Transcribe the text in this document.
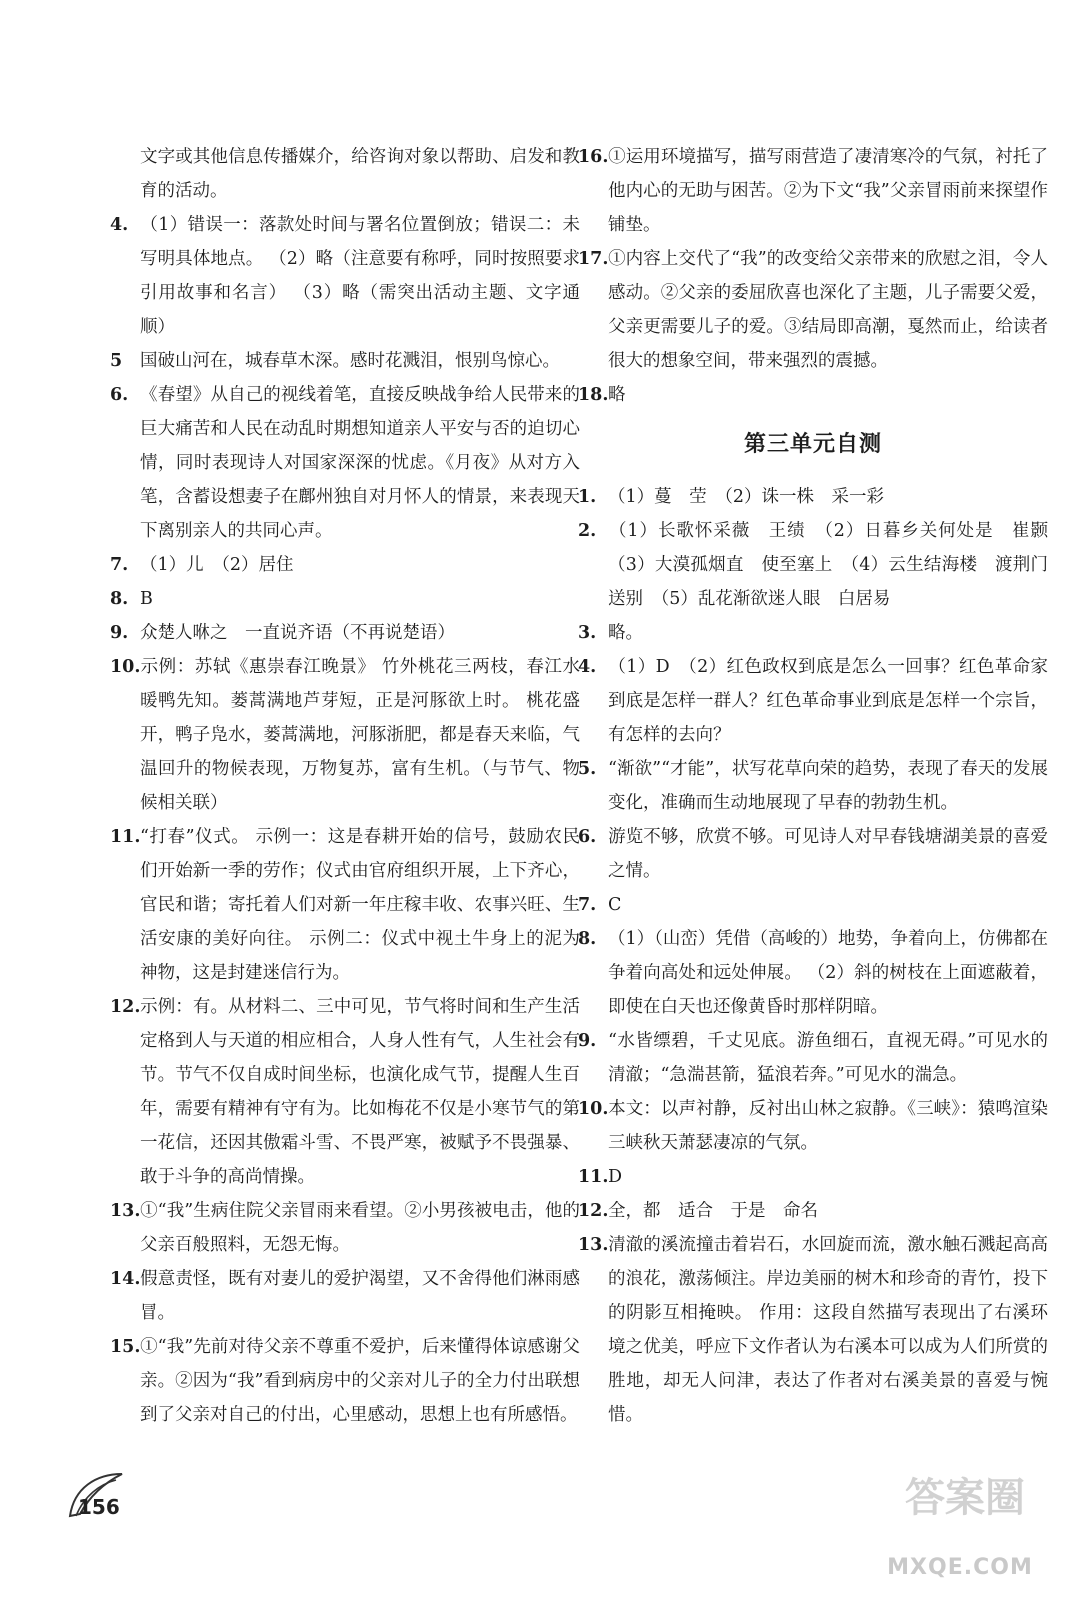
文字或其他信息传播媒介，给咨询对象以帮助、启发和教育的活动。
4. （1）错误一：落款处时间与署名位置倒放；错误二：未写明具体地点。 （2）略（注意要有称呼，同时按照要求引用故事和名言） （3）略（需突出活动主题、文字通顺）
5 国破山河在，城春草木深。感时花溅泪，恨别鸟惊心。
6. 《春望》从自己的视线着笔，直接反映战争给人民带来的巨大痛苦和人民在动乱时期想知道亲人平安与否的迫切心情，同时表现诗人对国家深深的忧虑。《月夜》从对方入笔，含蓄设想妻子在鄜州独自对月怀人的情景，来表现天下离别亲人的共同心声。
7. （1）儿　（2）居住
8. B
9. 众楚人咻之　一直说齐语（不再说楚语）
10.示例：苏轼《惠崇春江晚景》 竹外桃花三两枝，春江水暖鸭先知。蒌蒿满地芦芽短，正是河豚欲上时。 桃花盛开，鸭子凫水，蒌蒿满地，河豚浙肥，都是春天来临，气温回升的物候表现，万物复苏，富有生机。（与节气、物候相关联）
11.“打春”仪式。 示例一：这是春耕开始的信号，鼓励农民们开始新一季的劳作；仪式由官府组织开展，上下齐心，官民和谐；寄托着人们对新一年庄稼丰收、农事兴旺、生活安康的美好向往。 示例二：仪式中视土牛身上的泥为神物，这是封建迷信行为。
12.示例：有。从材料二、三中可见，节气将时间和生产生活定格到人与天道的相应相合，人身人性有气，人生社会有节。节气不仅自成时间坐标，也演化成气节，提醒人生百年，需要有精神有守有为。比如梅花不仅是小寒节气的第一花信，还因其傲霜斗雪、不畏严寒，被赋予不畏强暴、敢于斗争的高尚情操。
13.①“我”生病住院父亲冒雨来看望。②小男孩被电击，他的父亲百般照料，无怨无悔。
14.假意责怪，既有对妻儿的爱护渴望，又不舍得他们淋雨感冒。
15.①“我”先前对待父亲不尊重不爱护，后来懂得体谅感谢父亲。②因为“我”看到病房中的父亲对儿子的全力付出联想到了父亲对自己的付出，心里感动，思想上也有所感悟。
16.①运用环境描写，描写雨营造了凄清寒冷的气氛，衬托了他内心的无助与困苦。②为下文“我”父亲冒雨前来探望作铺垫。
17.①内容上交代了“我”的改变给父亲带来的欣慰之泪，令人感动。②父亲的委屈欣喜也深化了主题，儿子需要父爱，父亲更需要儿子的爱。③结局即高潮，戛然而止，给读者很大的想象空间，带来强烈的震撼。
18.略
第三单元自测
1. （1）蔓　茔　（2）诛一株　采一彩
2. （1）长歌怀采薇　王绩　（2）日暮乡关何处是　崔颢　（3）大漠孤烟直　使至塞上　（4）云生结海楼　渡荆门送别　（5）乱花渐欲迷人眼　白居易
3. 略。
4. （1）D　（2）红色政权到底是怎么一回事？红色革命家到底是怎样一群人？红色革命事业到底是怎样一个宗旨，有怎样的去向？
5. “渐欲”“才能”，状写花草向荣的趋势，表现了春天的发展变化，准确而生动地展现了早春的勃勃生机。
6. 游览不够，欣赏不够。可见诗人对早春钱塘湖美景的喜爱之情。
7. C
8. （1）（山峦）凭借（高峻的）地势，争着向上，仿佛都在争着向高处和远处伸展。 （2）斜的树枝在上面遮蔽着，即使在白天也还像黄昏时那样阴暗。
9. “水皆缥碧，千丈见底。游鱼细石，直视无碍。”可见水的清澈；“急湍甚箭，猛浪若奔。”可见水的湍急。
10.本文：以声衬静，反衬出山林之寂静。《三峡》：猿鸣渲染三峡秋天萧瑟凄凉的气氛。
11.D
12.全，都　适合　于是　命名
13.清澈的溪流撞击着岩石，水回旋而流，激水触石溅起高高的浪花，激荡倾注。岸边美丽的树木和珍奇的青竹，投下的阴影互相掩映。 作用：这段自然描写表现出了右溪环境之优美，呼应下文作者认为右溪本可以成为人们所赏的胜地，却无人问津，表达了作者对右溪美景的喜爱与惋惜。
156	答案圈
MXQE.COM
